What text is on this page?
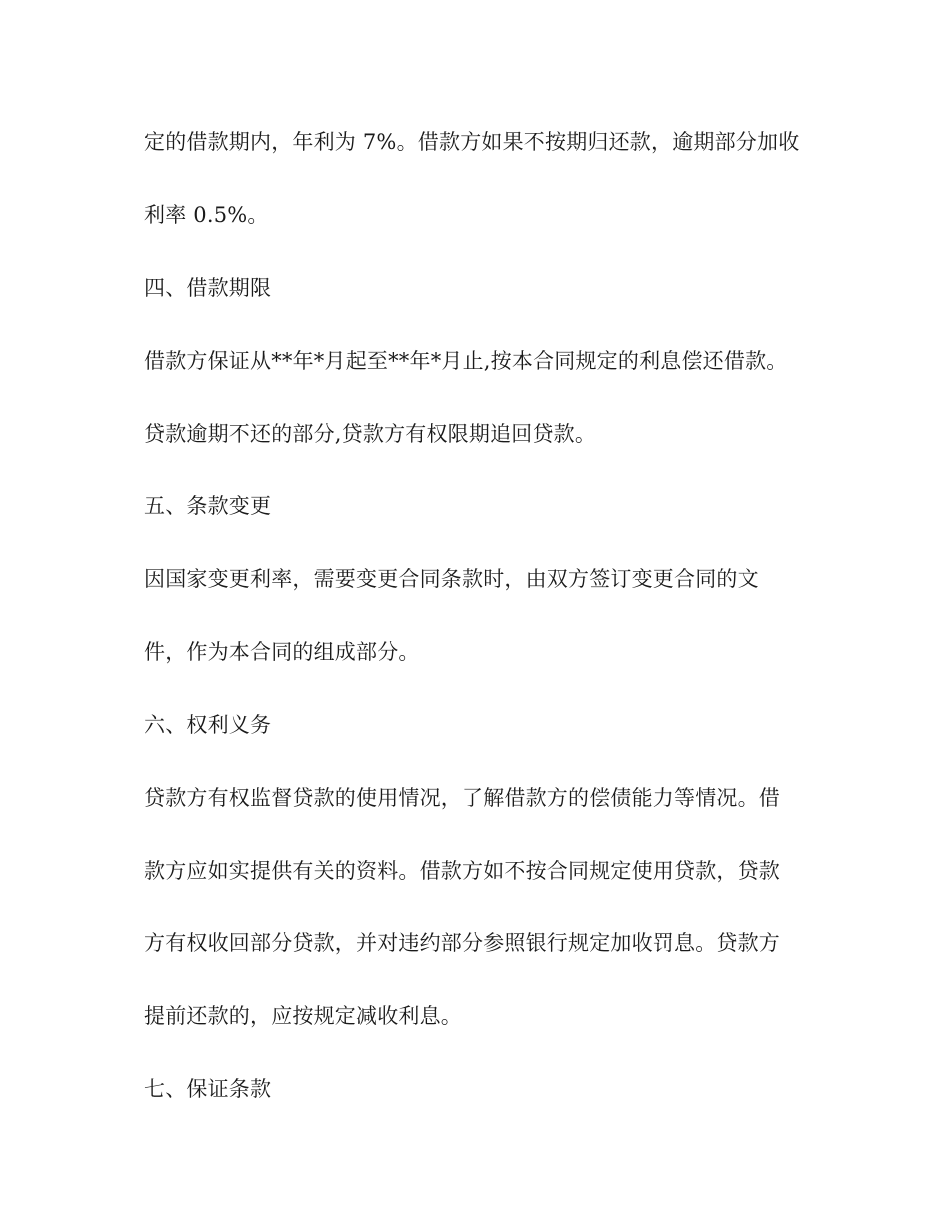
定的借款期内，年利为 7%。借款方如果不按期归还款，逾期部分加收
利率 0.5%。
四、借款期限
借款方保证从**年*月起至**年*月止,按本合同规定的利息偿还借款。
贷款逾期不还的部分,贷款方有权限期追回贷款。
五、条款变更
因国家变更利率，需要变更合同条款时，由双方签订变更合同的文
件，作为本合同的组成部分。
六、权利义务
贷款方有权监督贷款的使用情况，了解借款方的偿债能力等情况。借
款方应如实提供有关的资料。借款方如不按合同规定使用贷款，贷款
方有权收回部分贷款，并对违约部分参照银行规定加收罚息。贷款方
提前还款的，应按规定减收利息。
七、保证条款
